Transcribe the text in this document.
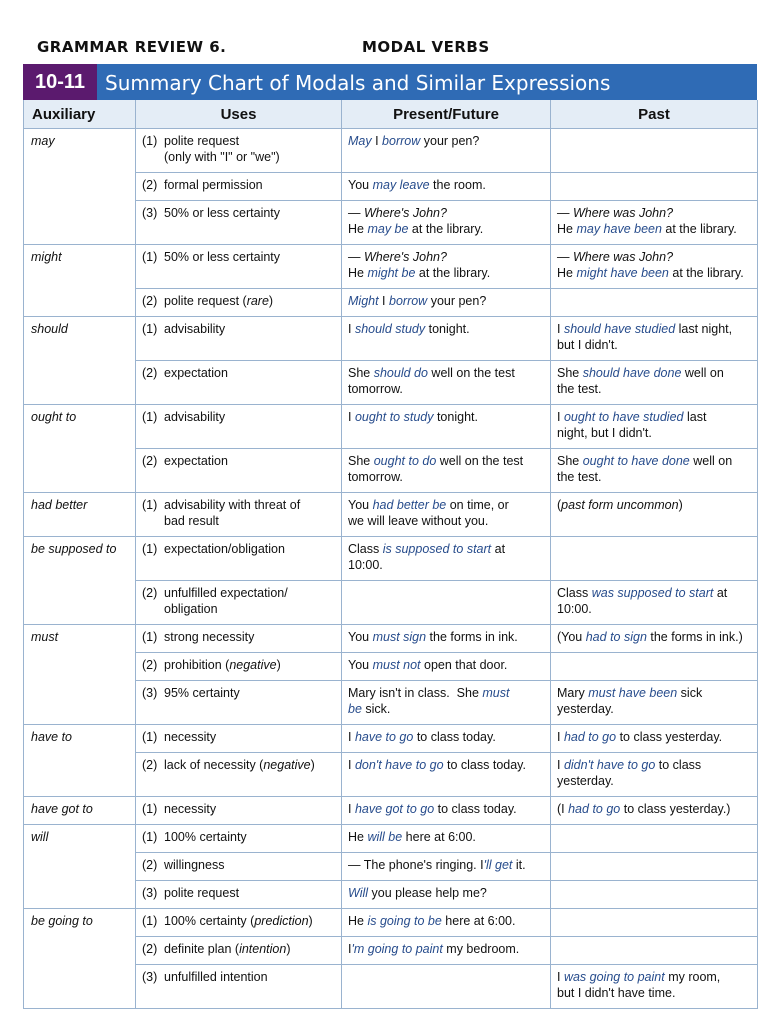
GRAMMAR REVIEW 6.	MODAL VERBS
10-11 Summary Chart of Modals and Similar Expressions
Auxiliary	Uses	Present/Future	Past
may	(1) polite request
(only with "I" or "we")	May I borrow your pen?	

	(2) formal permission	You may leave the room.	

	(3) 50% or less certainty	— Where's John?
He may be at the library.	— Where was John?
He may have been at the library.
might	(1) 50% or less certainty	— Where's John?
He might be at the library.	— Where was John?
He might have been at the library.

	(2) polite request (rare)	Might I borrow your pen?	
should	(1) advisability	I should study tonight.	I should have studied last night,
but I didn't.

	(2) expectation	She should do well on the test
tomorrow.	She should have done well on
the test.
ought to	(1) advisability	I ought to study tonight.	I ought to have studied last
night, but I didn't.

	(2) expectation	She ought to do well on the test
tomorrow.	She ought to have done well on
the test.
had better	(1) advisability with threat of
bad result	You had better be on time, or
we will leave without you.	(past form uncommon)
be supposed to	(1) expectation/obligation	Class is supposed to start at
10:00.	

	(2) unfulfilled expectation/
obligation		Class was supposed to start at
10:00.
must	(1) strong necessity	You must sign the forms in ink.	(You had to sign the forms in ink.)

	(2) prohibition (negative)	You must not open that door.	

	(3) 95% certainty	Mary isn't in class.  She must
be sick.	Mary must have been sick
yesterday.
have to	(1) necessity	I have to go to class today.	I had to go to class yesterday.

	(2) lack of necessity (negative)	I don't have to go to class today.	I didn't have to go to class
yesterday.
have got to	(1) necessity	I have got to go to class today.	(I had to go to class yesterday.)
will	(1) 100% certainty	He will be here at 6:00.	

	(2) willingness	— The phone's ringing. I'll get it.	

	(3) polite request	Will you please help me?	
be going to	(1) 100% certainty (prediction)	He is going to be here at 6:00.	

	(2) definite plan (intention)	I'm going to paint my bedroom.	

	(3) unfulfilled intention		I was going to paint my room,
but I didn't have time.
